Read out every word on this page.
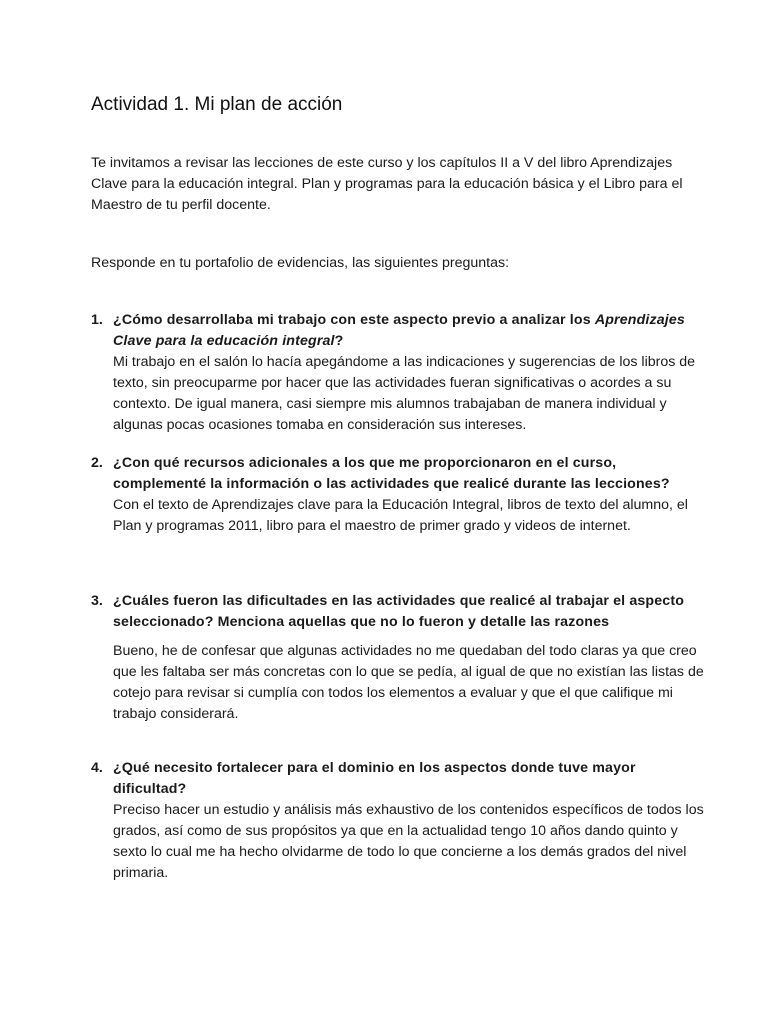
Actividad 1. Mi plan de acción

Te invitamos a revisar las lecciones de este curso y los capítulos II a V del libro Aprendizajes Clave para la educación integral. Plan y programas para la educación básica y el Libro para el Maestro de tu perfil docente.

Responde en tu portafolio de evidencias, las siguientes preguntas:

1. ¿Cómo desarrollaba mi trabajo con este aspecto previo a analizar los Aprendizajes Clave para la educación integral?
Mi trabajo en el salón lo hacía apegándome a las indicaciones y sugerencias de los libros de texto, sin preocuparme por hacer que las actividades fueran significativas o acordes a su contexto. De igual manera, casi siempre mis alumnos trabajaban de manera individual y algunas pocas ocasiones tomaba en consideración sus intereses.
2. ¿Con qué recursos adicionales a los que me proporcionaron en el curso, complementé la información o las actividades que realicé durante las lecciones?
Con el texto de Aprendizajes clave para la Educación Integral, libros de texto del alumno, el Plan y programas 2011, libro para el maestro de primer grado y videos de internet.
3. ¿Cuáles fueron las dificultades en las actividades que realicé al trabajar el aspecto seleccionado? Menciona aquellas que no lo fueron y detalle las razones
Bueno, he de confesar que algunas actividades no me quedaban del todo claras ya que creo que les faltaba ser más concretas con lo que se pedía, al igual de que no existían las listas de cotejo para revisar si cumplía con todos los elementos a evaluar y que el que califique mi trabajo considerará.
4. ¿Qué necesito fortalecer para el dominio en los aspectos donde tuve mayor dificultad?
Preciso hacer un estudio y análisis más exhaustivo de los contenidos específicos de todos los grados, así como de sus propósitos ya que en la actualidad tengo 10 años dando quinto y sexto lo cual me ha hecho olvidarme de todo lo que concierne a los demás grados del nivel primaria.
